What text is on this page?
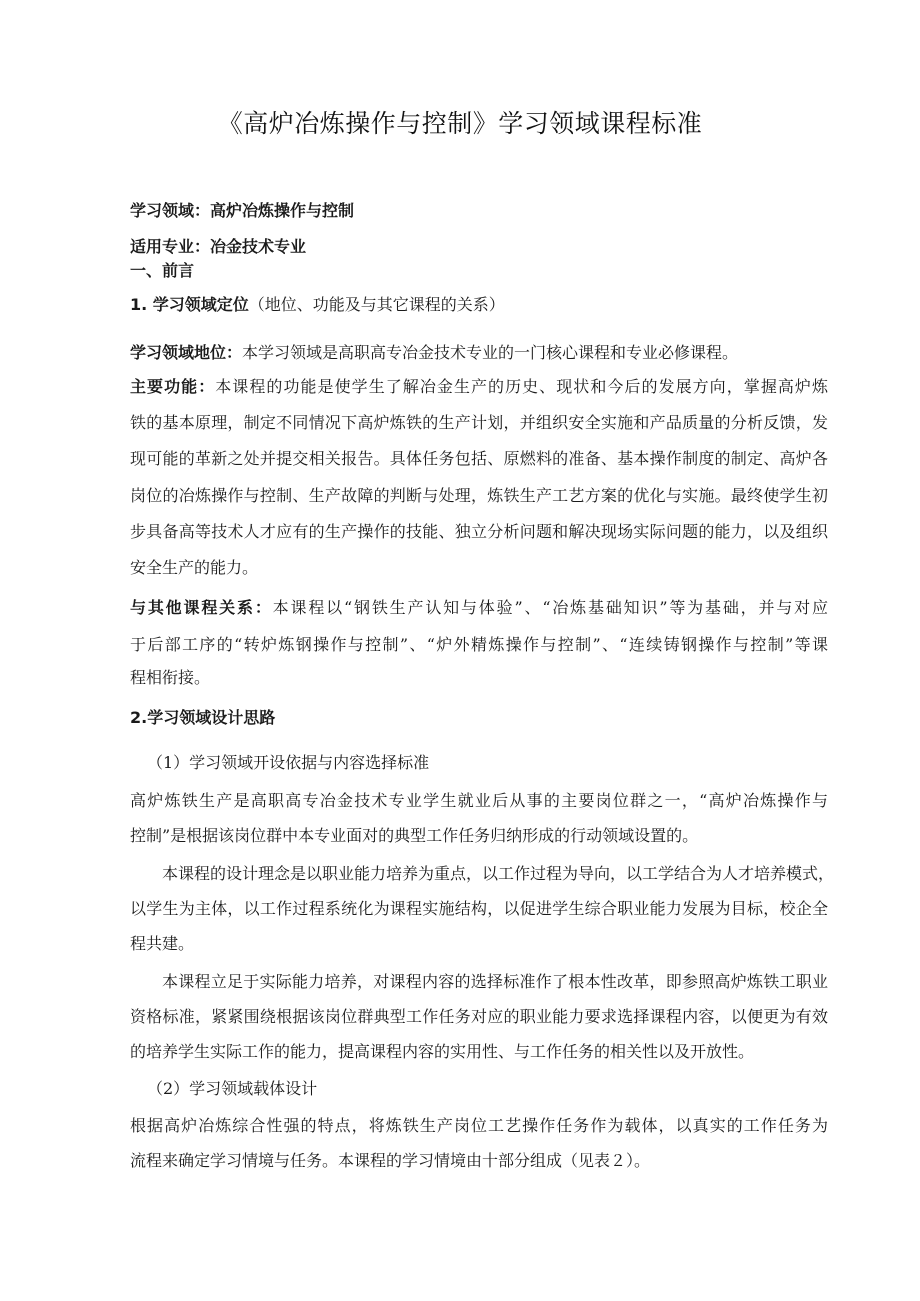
《高炉冶炼操作与控制》学习领域课程标准
学习领域：高炉冶炼操作与控制
适用专业：冶金技术专业
一、前言
1. 学习领域定位（地位、功能及与其它课程的关系）
学习领域地位：本学习领域是高职高专冶金技术专业的一门核心课程和专业必修课程。
主要功能：本课程的功能是使学生了解冶金生产的历史、现状和今后的发展方向，掌握高炉炼
铁的基本原理，制定不同情况下高炉炼铁的生产计划，并组织安全实施和产品质量的分析反馈，发
现可能的革新之处并提交相关报告。具体任务包括、原燃料的准备、基本操作制度的制定、高炉各
岗位的冶炼操作与控制、生产故障的判断与处理，炼铁生产工艺方案的优化与实施。最终使学生初
步具备高等技术人才应有的生产操作的技能、独立分析问题和解决现场实际问题的能力，以及组织
安全生产的能力。
与其他课程关系：本课程以“钢铁生产认知与体验”、“冶炼基础知识”等为基础，并与对应
于后部工序的“转炉炼钢操作与控制”、“炉外精炼操作与控制”、“连续铸钢操作与控制”等课
程相衔接。
2.学习领域设计思路
（1）学习领域开设依据与内容选择标准
高炉炼铁生产是高职高专冶金技术专业学生就业后从事的主要岗位群之一，“高炉冶炼操作与
控制”是根据该岗位群中本专业面对的典型工作任务归纳形成的行动领域设置的。
本课程的设计理念是以职业能力培养为重点，以工作过程为导向，以工学结合为人才培养模式，
以学生为主体，以工作过程系统化为课程实施结构，以促进学生综合职业能力发展为目标，校企全
程共建。
本课程立足于实际能力培养，对课程内容的选择标准作了根本性改革，即参照高炉炼铁工职业
资格标准，紧紧围绕根据该岗位群典型工作任务对应的职业能力要求选择课程内容，以便更为有效
的培养学生实际工作的能力，提高课程内容的实用性、与工作任务的相关性以及开放性。
（2）学习领域载体设计
根据高炉冶炼综合性强的特点，将炼铁生产岗位工艺操作任务作为载体，以真实的工作任务为
流程来确定学习情境与任务。本课程的学习情境由十部分组成（见表２）。
